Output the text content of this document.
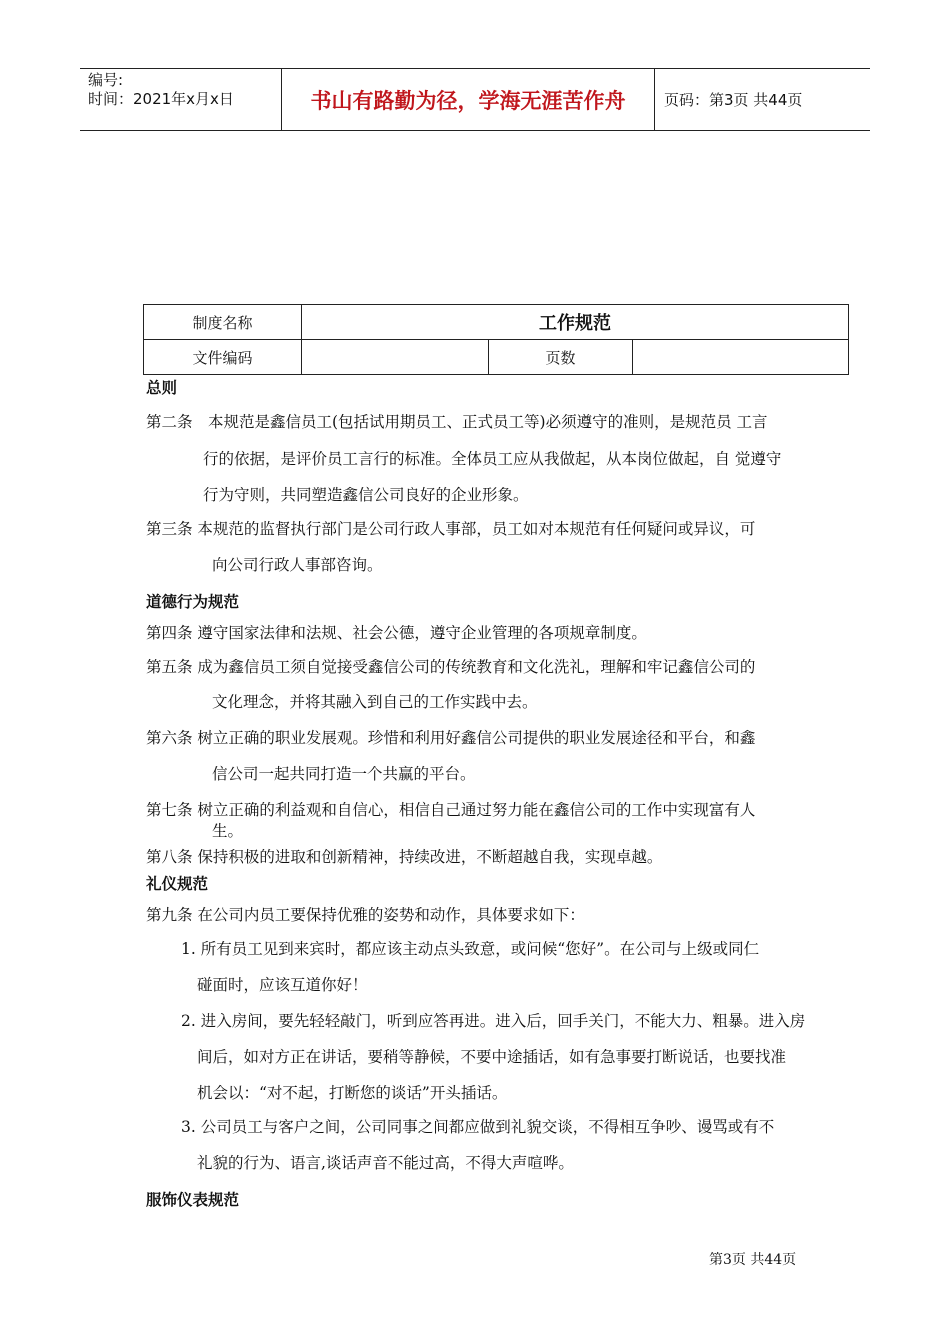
编号:
时间：2021年x月x日	书山有路勤为径，学海无涯苦作舟	页码：第3页 共44页
制度名称	工作规范		
文件编码		页数	
总则
第二条　本规范是鑫信员工(包括试用期员工、正式员工等)必须遵守的准则，是规范员 工言
行的依据，是评价员工言行的标准。全体员工应从我做起，从本岗位做起，自 觉遵守
行为守则，共同塑造鑫信公司良好的企业形象。
第三条 本规范的监督执行部门是公司行政人事部，员工如对本规范有任何疑问或异议，可
向公司行政人事部咨询。
道德行为规范
第四条 遵守国家法律和法规、社会公德，遵守企业管理的各项规章制度。
第五条 成为鑫信员工须自觉接受鑫信公司的传统教育和文化洗礼，理解和牢记鑫信公司的
文化理念，并将其融入到自己的工作实践中去。
第六条 树立正确的职业发展观。珍惜和利用好鑫信公司提供的职业发展途径和平台，和鑫
信公司一起共同打造一个共赢的平台。
第七条 树立正确的利益观和自信心，相信自己通过努力能在鑫信公司的工作中实现富有人
生。
第八条 保持积极的进取和创新精神，持续改进，不断超越自我，实现卓越。
礼仪规范
第九条 在公司内员工要保持优雅的姿势和动作，具体要求如下：
1. 所有员工见到来宾时，都应该主动点头致意，或问候“您好”。在公司与上级或同仁
碰面时，应该互道你好！
2. 进入房间，要先轻轻敲门，听到应答再进。进入后，回手关门，不能大力、粗暴。进入房
间后，如对方正在讲话，要稍等静候，不要中途插话，如有急事要打断说话，也要找准
机会以：“对不起，打断您的谈话”开头插话。
3. 公司员工与客户之间，公司同事之间都应做到礼貌交谈，不得相互争吵、谩骂或有不
礼貌的行为、语言,谈话声音不能过高，不得大声喧哗。
服饰仪表规范
第3页 共44页
